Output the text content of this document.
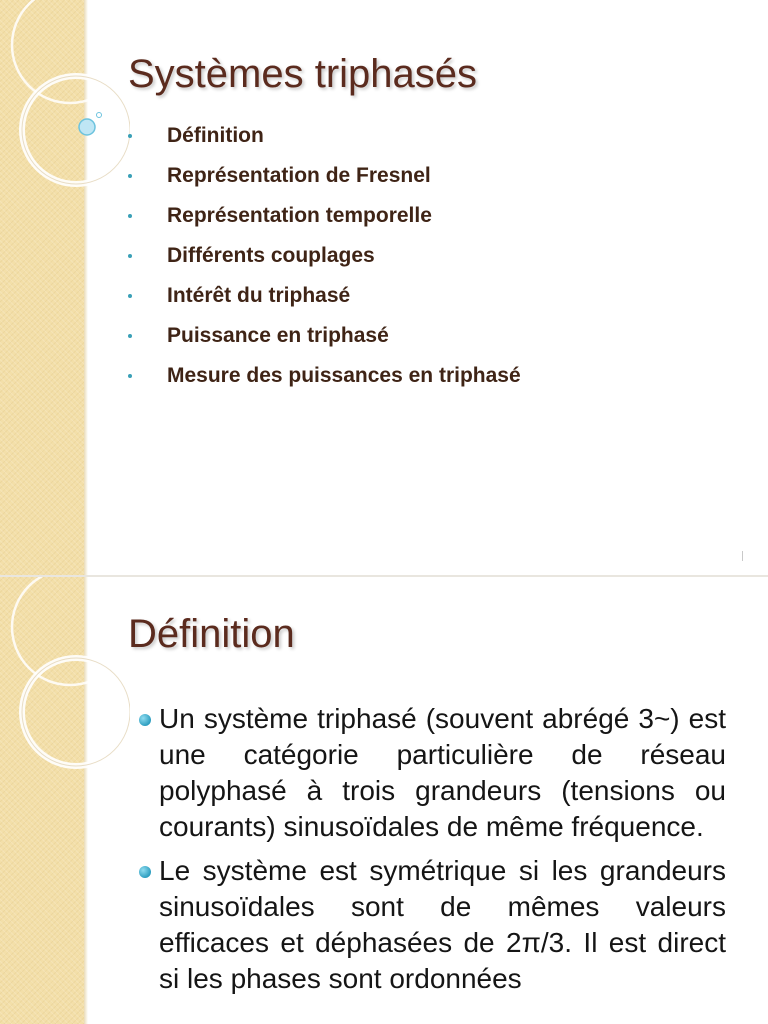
Systèmes triphasés
Définition
Représentation de Fresnel
Représentation temporelle
Différents couplages
Intérêt du triphasé
Puissance en triphasé
Mesure des puissances en triphasé
Définition
Un système triphasé (souvent abrégé 3~) est une catégorie particulière de réseau polyphasé à trois grandeurs (tensions ou courants) sinusoïdales de même fréquence.
Le système est symétrique si les grandeurs sinusoïdales sont de mêmes valeurs efficaces et déphasées de 2π/3. Il est direct si les phases sont ordonnées
